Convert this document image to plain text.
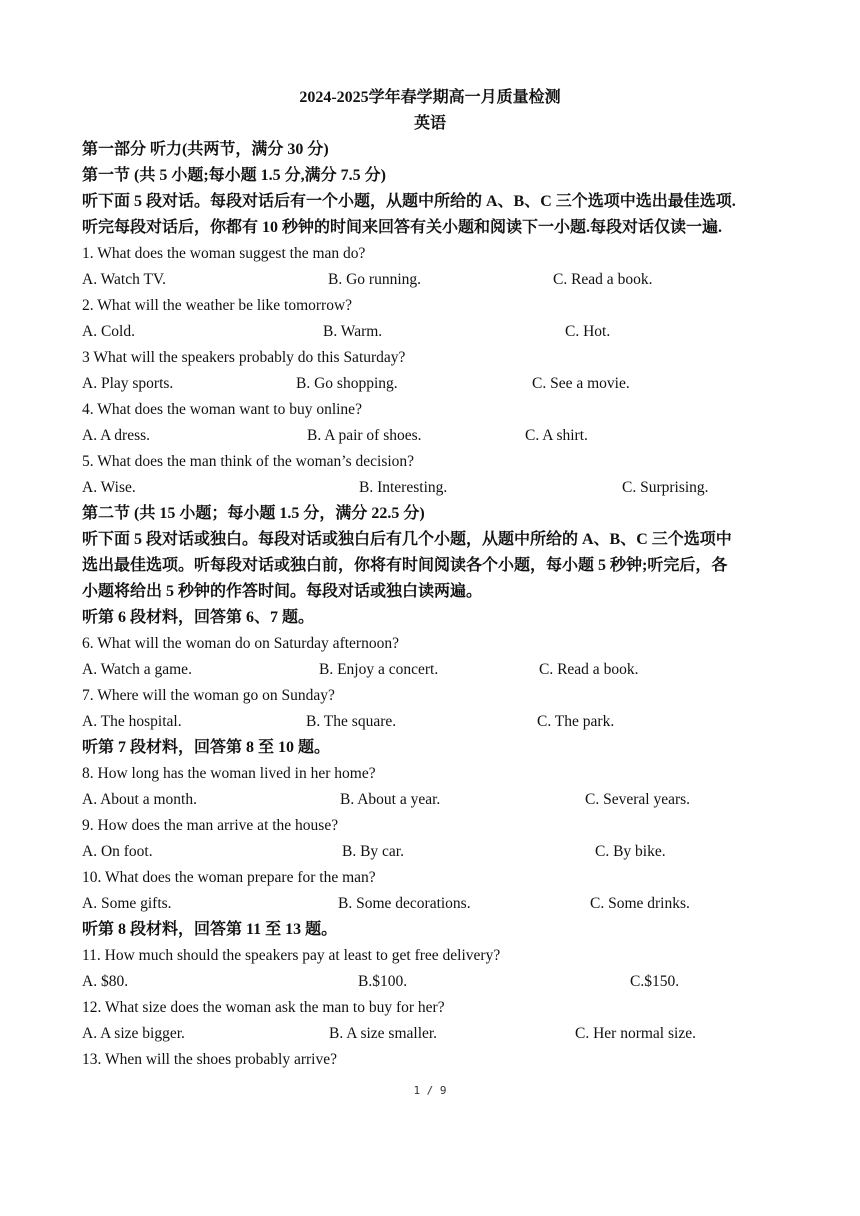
2024-2025学年春学期高一月质量检测
英语
第一部分 听力(共两节，满分 30 分)
第一节 (共 5 小题;每小题 1.5 分,满分 7.5 分)
听下面 5 段对话。每段对话后有一个小题，从题中所给的 A、B、C 三个选项中选出最佳选项.
听完每段对话后，你都有 10 秒钟的时间来回答有关小题和阅读下一小题.每段对话仅读一遍.
1. What does the woman suggest the man do?
A. Watch TV.	B. Go running.	C. Read a book.
2. What will the weather be like tomorrow?
A. Cold.	B. Warm.	C. Hot.
3 What will the speakers probably do this Saturday?
A. Play sports.	B. Go shopping.	C. See a movie.
4. What does the woman want to buy online?
A. A dress.	B. A pair of shoes.	C. A shirt.
5. What does the man think of the woman’s decision?
A. Wise.	B. Interesting.	C. Surprising.
第二节 (共 15 小题；每小题 1.5 分，满分 22.5 分)
听下面 5 段对话或独白。每段对话或独白后有几个小题，从题中所给的 A、B、C 三个选项中
选出最佳选项。听每段对话或独白前，你将有时间阅读各个小题，每小题 5 秒钟;听完后，各
小题将给出 5 秒钟的作答时间。每段对话或独白读两遍。
听第 6 段材料，回答第 6、7 题。
6. What will the woman do on Saturday afternoon?
A. Watch a game.	B. Enjoy a concert.	C. Read a book.
7. Where will the woman go on Sunday?
A. The hospital.	B. The square.	C. The park.
听第 7 段材料，回答第 8 至 10 题。
8. How long has the woman lived in her home?
A. About a month.	B. About a year.	C. Several years.
9. How does the man arrive at the house?
A. On foot.	B. By car.	C. By bike.
10. What does the woman prepare for the man?
A. Some gifts.	B. Some decorations.	C. Some drinks.
听第 8 段材料，回答第 11 至 13 题。
11. How much should the speakers pay at least to get free delivery?
A. $80.	B.$100.	C.$150.
12. What size does the woman ask the man to buy for her?
A. A size bigger.	B. A size smaller.	C. Her normal size.
13. When will the shoes probably arrive?
1 / 9
